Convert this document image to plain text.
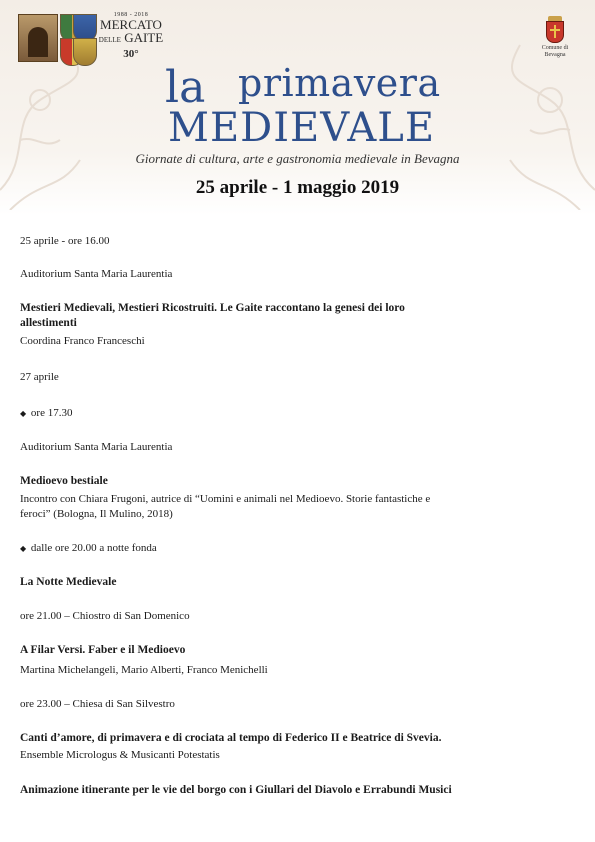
1988 - 2018
MERCATO
DELLE GAITE
30°	Comune di
Bevagna
la primavera
MEDIEVALE
Giornate di cultura, arte e gastronomia medievale in Bevagna
25 aprile - 1 maggio 2019

25 aprile - ore 16.00

Auditorium Santa Maria Laurentia

Mestieri Medievali, Mestieri Ricostruiti. Le Gaite raccontano la genesi dei loro

allestimenti

Coordina Franco Franceschi

27 aprile

◆ ore 17.30

Auditorium Santa Maria Laurentia

Medioevo bestiale

Incontro con Chiara Frugoni, autrice di “Uomini e animali nel Medioevo. Storie fantastiche e

feroci” (Bologna, Il Mulino, 2018)

◆ dalle ore 20.00 a notte fonda

La Notte Medievale

ore 21.00 – Chiostro di San Domenico

A Filar Versi. Faber e il Medioevo

Martina Michelangeli, Mario Alberti, Franco Menichelli

ore 23.00 – Chiesa di San Silvestro

Canti d’amore, di primavera e di crociata al tempo di Federico II e Beatrice di Svevia.

Ensemble Micrologus & Musicanti Potestatis

Animazione itinerante per le vie del borgo con i Giullari del Diavolo e Errabundi Musici
